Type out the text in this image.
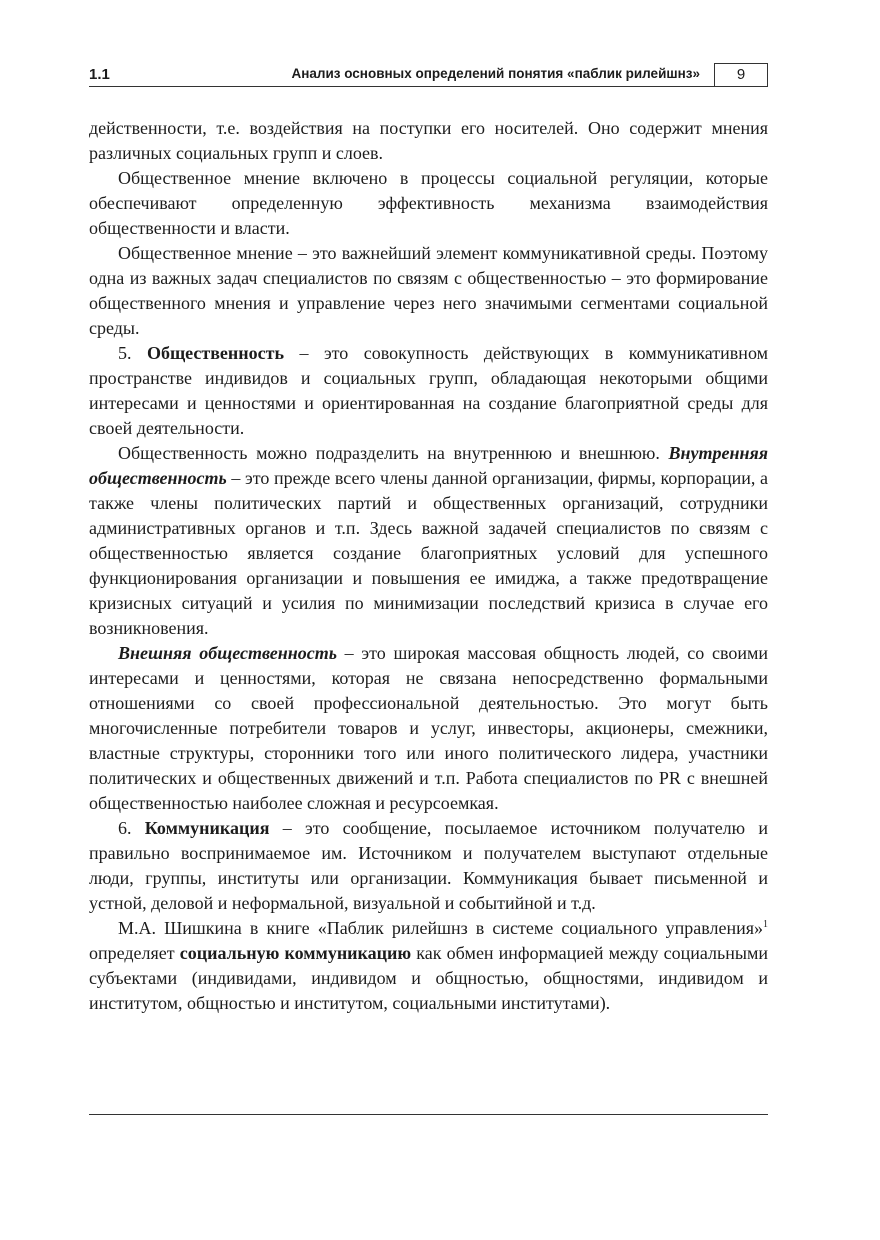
1.1	Анализ основных определений понятия «паблик рилейшнз»	9

действенности, т.е. воздействия на поступки его носителей. Оно содержит мнения различных социальных групп и слоев.

Общественное мнение включено в процессы социальной регуляции, которые обеспечивают определенную эффективность механизма взаимодействия общественности и власти.

Общественное мнение – это важнейший элемент коммуникативной среды. Поэтому одна из важных задач специалистов по связям с общественностью – это формирование общественного мнения и управление через него значимыми сегментами социальной среды.

5. Общественность – это совокупность действующих в коммуникативном пространстве индивидов и социальных групп, обладающая некоторыми общими интересами и ценностями и ориентированная на создание благоприятной среды для своей деятельности.

Общественность можно подразделить на внутреннюю и внешнюю. Внутренняя общественность – это прежде всего члены данной организации, фирмы, корпорации, а также члены политических партий и общественных организаций, сотрудники административных органов и т.п. Здесь важной задачей специалистов по связям с общественностью является создание благоприятных условий для успешного функционирования организации и повышения ее имиджа, а также предотвращение кризисных ситуаций и усилия по минимизации последствий кризиса в случае его возникновения.

Внешняя общественность – это широкая массовая общность людей, со своими интересами и ценностями, которая не связана непосредственно формальными отношениями со своей профессиональной деятельностью. Это могут быть многочисленные потребители товаров и услуг, инвесторы, акционеры, смежники, властные структуры, сторонники того или иного политического лидера, участники политических и общественных движений и т.п. Работа специалистов по PR с внешней общественностью наиболее сложная и ресурсоемкая.

6. Коммуникация – это сообщение, посылаемое источником получателю и правильно воспринимаемое им. Источником и получателем выступают отдельные люди, группы, институты или организации. Коммуникация бывает письменной и устной, деловой и неформальной, визуальной и событийной и т.д.

М.А. Шишкина в книге «Паблик рилейшнз в системе социального управления»$^1$ определяет социальную коммуникацию как обмен информацией между социальными субъектами (индивидами, индивидом и общностью, общностями, индивидом и институтом, общностью и институтом, социальными институтами).
